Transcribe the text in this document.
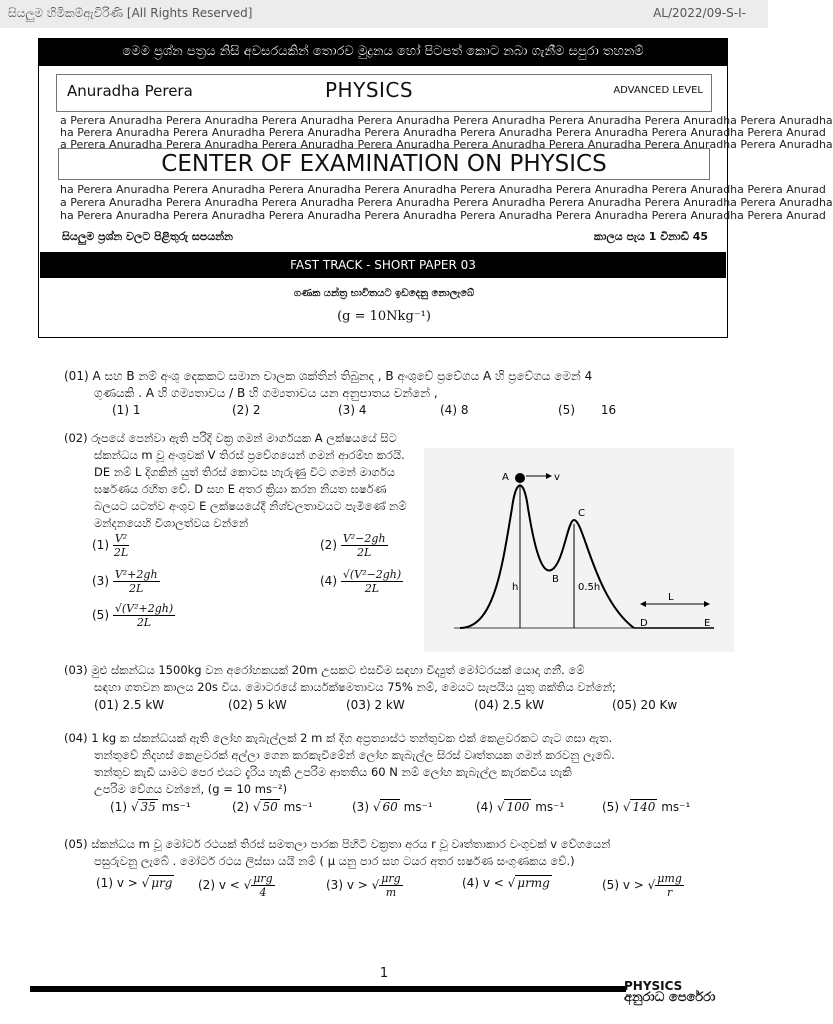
සියලුම හිමිකම්ඇවිරිණි [All Rights Reserved]	AL/2022/09-S-I-
මෙම ප්‍රශ්න පත්‍රය නිසි අවසරයකින් තොරව මුද්‍රනය හෝ පිටපත් කොට නබා ගැනීම සපුරා තහනම්
Anuradha Perera	PHYSICS	ADVANCED LEVEL
a Perera Anuradha Perera Anuradha Perera Anuradha Perera Anuradha Perera Anuradha Perera Anuradha Perera Anuradha Perera Anuradha
ha Perera Anuradha Perera Anuradha Perera Anuradha Perera Anuradha Perera Anuradha Perera Anuradha Perera Anuradha Perera Anurad
a Perera Anuradha Perera Anuradha Perera Anuradha Perera Anuradha Perera Anuradha Perera Anuradha Perera Anuradha Perera Anuradha
CENTER OF EXAMINATION ON PHYSICS
ha Perera Anuradha Perera Anuradha Perera Anuradha Perera Anuradha Perera Anuradha Perera Anuradha Perera Anuradha Perera Anurad
a Perera Anuradha Perera Anuradha Perera Anuradha Perera Anuradha Perera Anuradha Perera Anuradha Perera Anuradha Perera Anuradha
ha Perera Anuradha Perera Anuradha Perera Anuradha Perera Anuradha Perera Anuradha Perera Anuradha Perera Anuradha Perera Anurad
සියලුම ප්‍රශ්න වලට පිළිතුරු සපයන්න	කාලය පැය 1 විනාඩි 45
FAST TRACK - SHORT PAPER 03
ගණක යන්ත්‍ර භාවිතයට ඉඩදෙනු නොලැබේ
(g = 10Nkg⁻¹)
(01) A සහ B නම් අංශු දෙකකට සමාන චාලක ශක්තින් තිබුනද , B අංශුවේ ප්‍රවේගය A හි ප්‍රවේගය මෙන් 4
ගුණයකි . A හි ගම්‍යතාවය / B හි ගම්‍යතාවය යන අනුපාතය වන්නේ ,
(1) 1	(2) 2	(3) 4	(4) 8	(5) 16
(02) රූපයේ පෙන්වා ඇති පරිදි වක්‍ර ගමන් මාර්ගයක A ලක්ෂයයේ සිට
ස්කන්ධය m වූ අංශුවක් V තිරස් ප්‍රවේගයෙන් ගමන් ආරම්භ කරයි.
DE නම් L දිගකින් යුත් තිරස් කොටස හැරුණු විට ගමන් මාර්ගය
ඝර්ෂණය රහිත වේ. D සහ E අතර ක්‍රියා කරන නියත ඝර්ෂණ
බලයට යටත්ව අංශුව E ලක්ෂයයේදී නිශ්චලතාවයට පැමිණේ නම්
මන්දනයෙහි විශාලත්වය වන්නේ
$(1) \frac{\text{V²}}{2L}$	$(2) \frac{\text{V²−2gh}}{2L}$
$(3) \frac{\text{V²+2gh}}{2L}$	$(4) \frac{\text{√(V²−2gh)}}{2L}$
$(5) \frac{\text{√(V²+2gh)}}{2L}$
A	v
C
B
h	0.5h
L
D	E
(03) මුළු ස්කන්ධය 1500kg වන අරෝහකයක් 20m උසකට එසවීම සඳහා විද්‍යුත් මෝටරයක් යොදා ගනී. මේ
සඳහා ගතවන කාලය 20s විය. මොටරයේ කාර්යක්ෂමතාවය 75% නම්, මෙයට සැපයිය යුතු ශක්තිය වන්නේ;
(01) 2.5 kW	(02) 5 kW	(03) 2 kW	(04) 2.5 kW	(05) 20 Kw
(04) 1 kg ක ස්කන්ධයක් ඇති ලෝහ කැබැල්ලක් 2 m ක් දිග අප්‍රත්‍යාස්ථ තන්තුවක එක් කෙළවරකට ගැට ගසා ඇත.
තන්තුවේ නිදහස් කෙළවරක් අල්ලා ගෙන කරකැවීමේන් ලෝහ කැබැල්ල සිරස් වෘත්තයක ගමන් කරවනු ලැබේ.
තන්තුව කැඩී යාමට පෙර එයට දැරිය හැකි උපරිම ආතතිය 60 N නම් ලෝහ කැබැල්ල කැරකවිය හැකි
උපරිම වේගය වන්නේ, (g = 10 ms⁻²)
(1) √ 35 ms⁻¹	(2) √ 50 ms⁻¹	(3) √ 60 ms⁻¹	(4) √ 100 ms⁻¹	(5) √ 140 ms⁻¹
(05) ස්කන්ධය m වූ මෝටර් රථයක් තිරස් සමතලා පාරක පිහිටි වක්‍රතා අරය r වූ වෘත්තාකාර වංගුවක් v වේගයෙන්
පසුරුවනු ලැබේ . මෝටර් රථය ලිස්සා යයි නම් ( μ යනු පාර සහ ටයර අතර ඝර්ෂණ සංගුණකය වේ.)
(1) v > √ μrg (2) v < √ $\frac{\text{μrg}}{4}$	(3) v > √ $\frac{\text{μrg}}{m}$	(4) v < √ μrmg	(5) v > √ $\frac{\text{μmg}}{r}$
1
PHYSICS
අනුරාධ පෙරේරා
